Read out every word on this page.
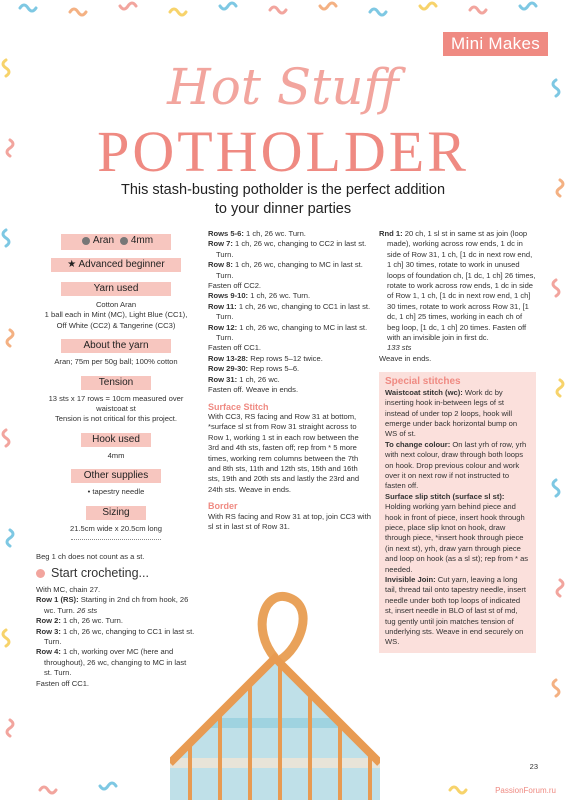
Mini Makes
Hot Stuff
POTHOLDER
This stash-busting potholder is the perfect addition
to your dinner parties
Aran
4mm
★ Advanced beginner
Yarn used
Cotton Aran
1 ball each in Mint (MC), Light Blue (CC1),
Off White (CC2) & Tangerine (CC3)
About the yarn
Aran; 75m per 50g ball; 100% cotton
Tension
13 sts x 17 rows = 10cm measured over
waistcoat st
Tension is not critical for this project.
Hook used
4mm
Other supplies
• tapestry needle
Sizing
21.5cm wide x 20.5cm long
Beg 1 ch does not count as a st.
Start crocheting...
With MC, chain 27.
Row 1 (RS): Starting in 2nd ch from hook, 26 wc. Turn. 26 sts
Row 2: 1 ch, 26 wc. Turn.
Row 3: 1 ch, 26 wc, changing to CC1 in last st. Turn.
Row 4: 1 ch, working over MC (here and throughout), 26 wc, changing to MC in last st. Turn.
Fasten off CC1.
Rows 5-6: 1 ch, 26 wc. Turn.
Row 7: 1 ch, 26 wc, changing to CC2 in last st. Turn.
Row 8: 1 ch, 26 wc, changing to MC in last st. Turn.
Fasten off CC2.
Rows 9-10: 1 ch, 26 wc. Turn.
Row 11: 1 ch, 26 wc, changing to CC1 in last st. Turn.
Row 12: 1 ch, 26 wc, changing to MC in last st. Turn.
Fasten off CC1.
Row 13-28: Rep rows 5–12 twice.
Row 29-30: Rep rows 5–6.
Row 31: 1 ch, 26 wc.
Fasten off. Weave in ends.
Surface Stitch
With CC3, RS facing and Row 31 at bottom, *surface sl st from Row 31 straight across to Row 1, working 1 st in each row between the 3rd and 4th sts, fasten off; rep from * 5 more times, working rem columns between the 7th and 8th sts, 11th and 12th sts, 15th and 16th sts, 19th and 20th sts and lastly the 23rd and 24th sts. Weave in ends.
Border
With RS facing and Row 31 at top, join CC3 with sl st in last st of Row 31.
Rnd 1: 20 ch, 1 sl st in same st as join (loop made), working across row ends, 1 dc in side of Row 31, 1 ch, [1 dc in next row end, 1 ch] 30 times, rotate to work in unused loops of foundation ch, [1 dc, 1 ch] 26 times, rotate to work across row ends, 1 dc in side of Row 1, 1 ch, [1 dc in next row end, 1 ch] 30 times, rotate to work across Row 31, [1 dc, 1 ch] 25 times, working in each ch of beg loop, [1 dc, 1 ch] 20 times. Fasten off with an invisible join in first dc.
133 sts
Weave in ends.
Special stitches
Waistcoat stitch (wc): Work dc by inserting hook in-between legs of st instead of under top 2 loops, hook will emerge under back horizontal bump on WS of st.
To change colour: On last yrh of row, yrh with next colour, draw through both loops on hook. Drop previous colour and work over it on next row if not instructed to fasten off.
Surface slip stitch (surface sl st): Holding working yarn behind piece and hook in front of piece, insert hook through piece, place slip knot on hook, draw through piece, *insert hook through piece (in next st), yrh, draw yarn through piece and loop on hook (as a sl st); rep from * as needed.
Invisible Join: Cut yarn, leaving a long tail, thread tail onto tapestry needle, insert needle under both top loops of indicated st, insert needle in BLO of last st of md, tug gently until join matches tension of underlying sts. Weave in end securely on WS.
23
PassionForum.ru
